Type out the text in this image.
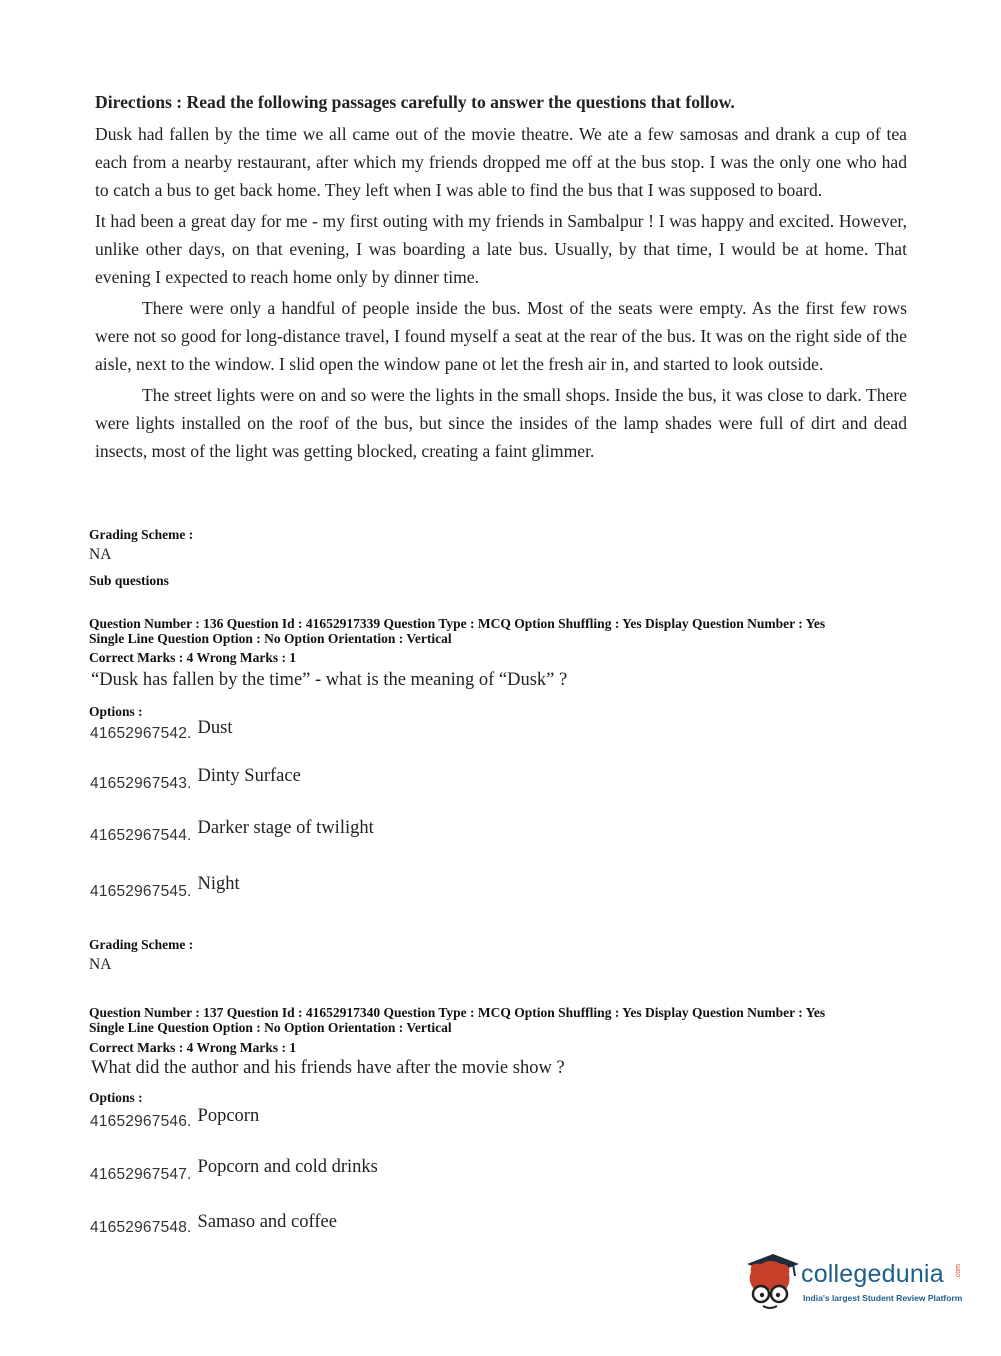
Directions : Read the following passages carefully to answer the questions that follow.

Dusk had fallen by the time we all came out of the movie theatre. We ate a few samosas and drank a cup of tea each from a nearby restaurant, after which my friends dropped me off at the bus stop. I was the only one who had to catch a bus to get back home. They left when I was able to find the bus that I was supposed to board.

It had been a great day for me - my first outing with my friends in Sambalpur ! I was happy and excited. However, unlike other days, on that evening, I was boarding a late bus. Usually, by that time, I would be at home. That evening I expected to reach home only by dinner time.

There were only a handful of people inside the bus. Most of the seats were empty. As the first few rows were not so good for long-distance travel, I found myself a seat at the rear of the bus. It was on the right side of the aisle, next to the window. I slid open the window pane ot let the fresh air in, and started to look outside.

The street lights were on and so were the lights in the small shops. Inside the bus, it was close to dark. There were lights installed on the roof of the bus, but since the insides of the lamp shades were full of dirt and dead insects, most of the light was getting blocked, creating a faint glimmer.

Grading Scheme :
NA
Sub questions
Question Number : 136 Question Id : 41652917339 Question Type : MCQ Option Shuffling : Yes Display Question Number : Yes
Single Line Question Option : No Option Orientation : Vertical
Correct Marks : 4 Wrong Marks : 1
“Dusk has fallen by the time” - what is the meaning of “Dusk” ?
Options :
41652967542. Dust
41652967543. Dinty Surface
41652967544. Darker stage of twilight
41652967545. Night
Grading Scheme :
NA
Question Number : 137 Question Id : 41652917340 Question Type : MCQ Option Shuffling : Yes Display Question Number : Yes
Single Line Question Option : No Option Orientation : Vertical
Correct Marks : 4 Wrong Marks : 1
What did the author and his friends have after the movie show ?
Options :
41652967546. Popcorn
41652967547. Popcorn and cold drinks
41652967548. Samaso and coffee
collegedunia .com
India's largest Student Review Platform
